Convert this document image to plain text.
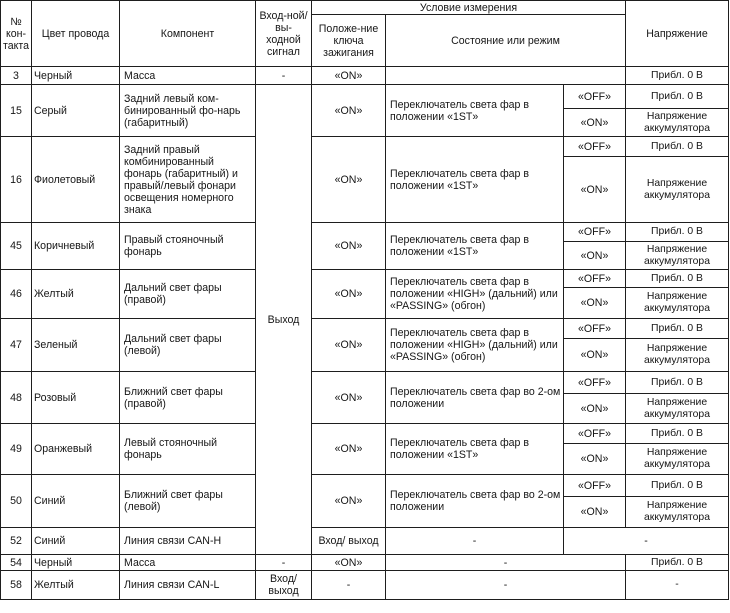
№ кон-такта	Цвет провода	Компонент	Вход-ной/вы-ходной сигнал	Условие измерения			Напряжение	
				Положе-ние ключа зажигания	Состояние или режим			
3	Черный	Масса	-	«ON»			Прибл. 0 В	
15	Серый	Задний левый ком-бинированный фо-нарь (габаритный)	Выход	«ON»	Переключатель света фар в положении «1ST»	«OFF»	Прибл. 0 В	
						«ON»	Напряжение аккумулятора	
16	Фиолетовый	Задний правый комбинированный фонарь (габаритный) и правый/левый фонари освещения номерного знака		«ON»	Переключатель света фар в положении «1ST»	«OFF»	Прибл. 0 В	
						«ON»	Напряжение аккумулятора	
45	Коричневый	Правый стояночный фонарь		«ON»	Переключатель света фар в положении «1ST»	«OFF»	Прибл. 0 В	
						«ON»	Напряжение аккумулятора	
46	Желтый	Дальний свет фары (правой)		«ON»	Переключатель света фар в положении «HIGH» (дальний) или «PASSING» (обгон)	«OFF»	Прибл. 0 В	
						«ON»	Напряжение аккумулятора	
47	Зеленый	Дальний свет фары (левой)		«ON»	Переключатель света фар в положении «HIGH» (дальний) или «PASSING» (обгон)	«OFF»	Прибл. 0 В	
						«ON»	Напряжение аккумулятора	
48	Розовый	Ближний свет фары (правой)		«ON»	Переключатель света фар во 2-ом положении	«OFF»	Прибл. 0 В	
						«ON»	Напряжение аккумулятора	
49	Оранжевый	Левый стояночный фонарь		«ON»	Переключатель света фар в положении «1ST»	«OFF»	Прибл. 0 В	
						«ON»	Напряжение аккумулятора	
50	Синий	Ближний свет фары (левой)		«ON»	Переключатель света фар во 2-ом положении	«OFF»	Прибл. 0 В	
						«ON»	Напряжение аккумулятора	
52	Синий	Линия связи CAN-H		Вход/ выход	-	-	
54	Черный	Масса	-	«ON»	-		Прибл. 0 В	
58	Желтый	Линия связи CAN-L	Вход/ выход	-	-		-	
